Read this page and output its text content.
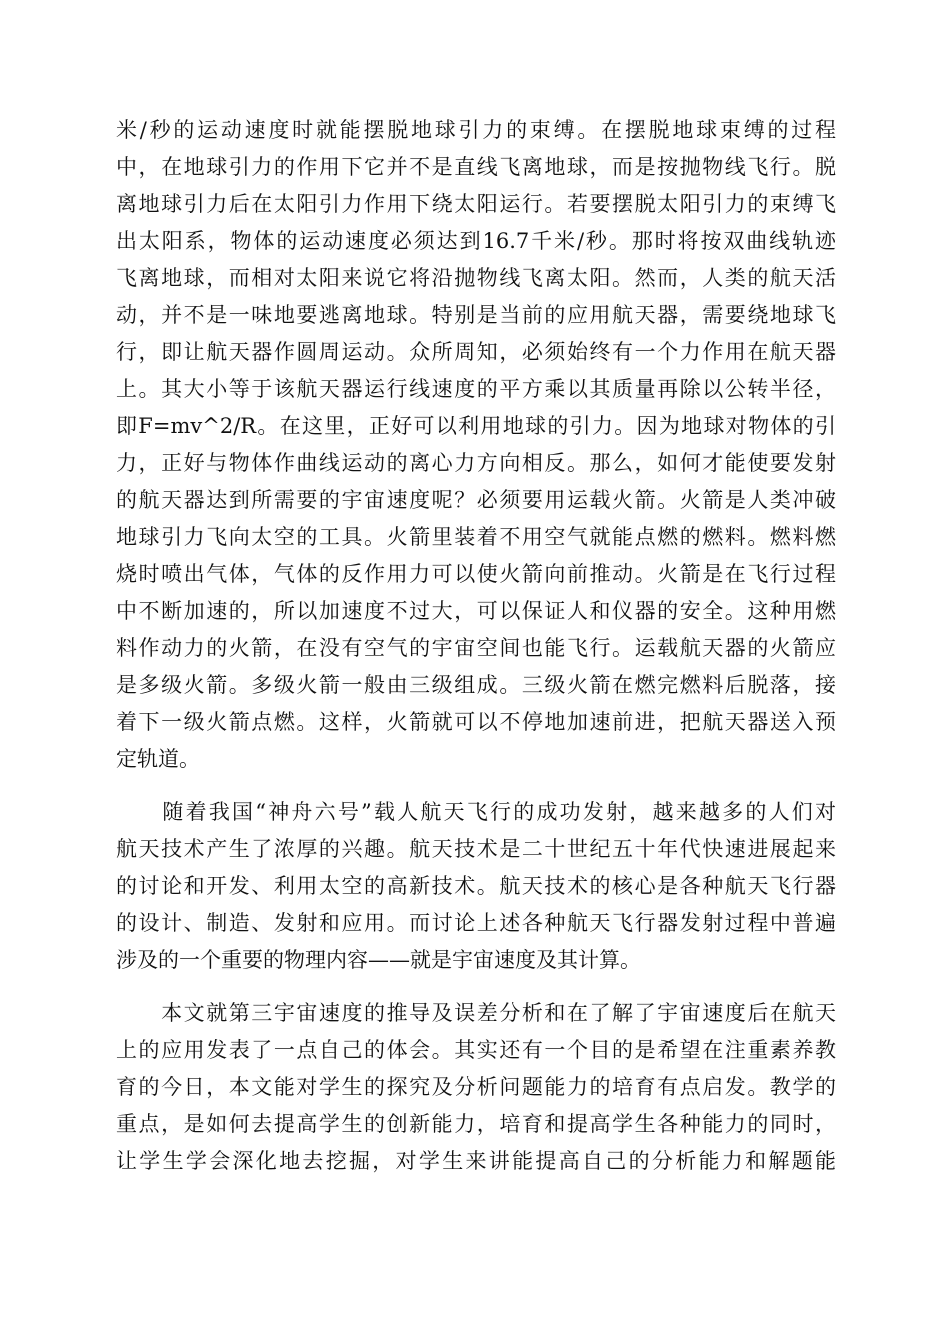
米/秒的运动速度时就能摆脱地球引力的束缚。在摆脱地球束缚的过程
中，在地球引力的作用下它并不是直线飞离地球，而是按抛物线飞行。脱
离地球引力后在太阳引力作用下绕太阳运行。若要摆脱太阳引力的束缚飞
出太阳系，物体的运动速度必须达到16.7千米/秒。那时将按双曲线轨迹
飞离地球，而相对太阳来说它将沿抛物线飞离太阳。然而，人类的航天活
动，并不是一味地要逃离地球。特别是当前的应用航天器，需要绕地球飞
行，即让航天器作圆周运动。众所周知，必须始终有一个力作用在航天器
上。其大小等于该航天器运行线速度的平方乘以其质量再除以公转半径，
即F=mv^2/R。在这里，正好可以利用地球的引力。因为地球对物体的引
力，正好与物体作曲线运动的离心力方向相反。那么，如何才能使要发射
的航天器达到所需要的宇宙速度呢？必须要用运载火箭。火箭是人类冲破
地球引力飞向太空的工具。火箭里装着不用空气就能点燃的燃料。燃料燃
烧时喷出气体，气体的反作用力可以使火箭向前推动。火箭是在飞行过程
中不断加速的，所以加速度不过大，可以保证人和仪器的安全。这种用燃
料作动力的火箭，在没有空气的宇宙空间也能飞行。运载航天器的火箭应
是多级火箭。多级火箭一般由三级组成。三级火箭在燃完燃料后脱落，接
着下一级火箭点燃。这样，火箭就可以不停地加速前进，把航天器送入预
定轨道。
　　随着我国“神舟六号”载人航天飞行的成功发射，越来越多的人们对
航天技术产生了浓厚的兴趣。航天技术是二十世纪五十年代快速进展起来
的讨论和开发、利用太空的高新技术。航天技术的核心是各种航天飞行器
的设计、制造、发射和应用。而讨论上述各种航天飞行器发射过程中普遍
涉及的一个重要的物理内容——就是宇宙速度及其计算。
　　本文就第三宇宙速度的推导及误差分析和在了解了宇宙速度后在航天
上的应用发表了一点自己的体会。其实还有一个目的是希望在注重素养教
育的今日，本文能对学生的探究及分析问题能力的培育有点启发。教学的
重点，是如何去提高学生的创新能力，培育和提高学生各种能力的同时，
让学生学会深化地去挖掘，对学生来讲能提高自己的分析能力和解题能
